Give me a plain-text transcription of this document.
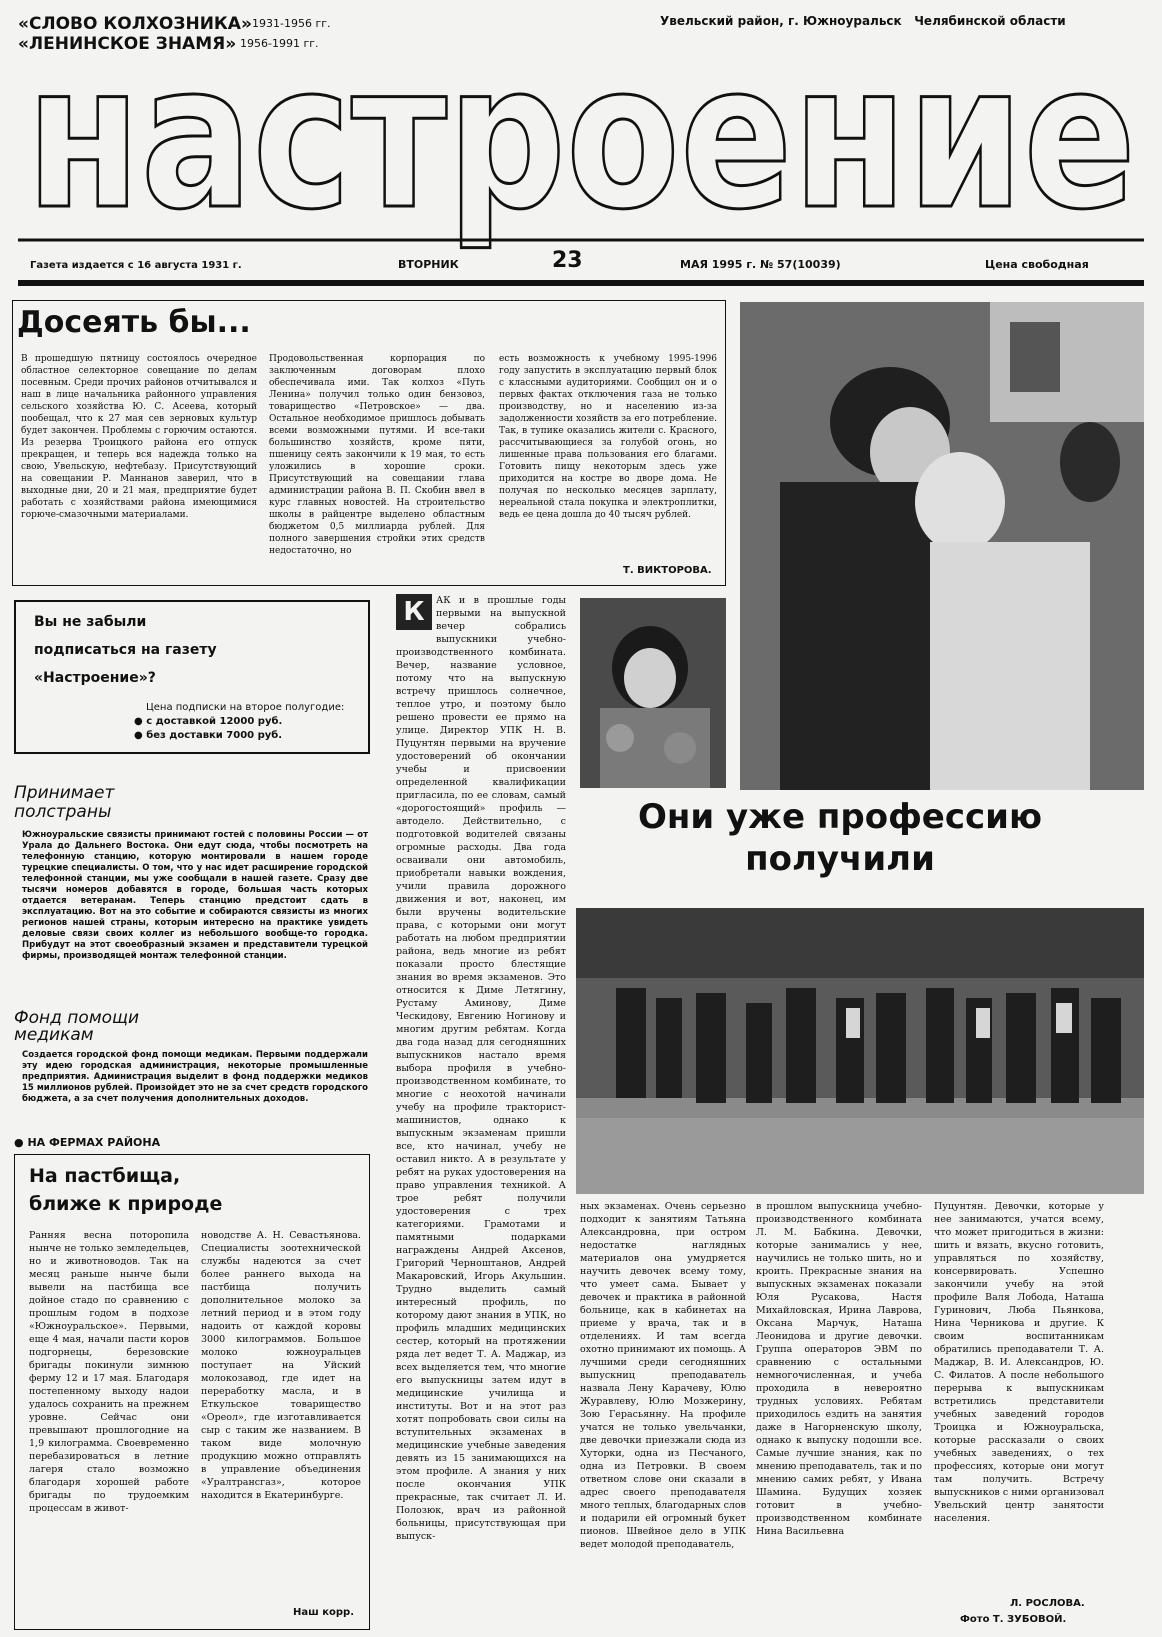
«СЛОВО КОЛХОЗНИКА» 1931-1956 гг.
«ЛЕНИНСКОЕ ЗНАМЯ» 1956-1991 гг.
Увельский район, г. Южноуральск   Челябинской области
настроение
Газета издается с 16 августа 1931 г.	ВТОРНИК	23	МАЯ 1995 г. № 57(10039)	Цена свободная
Досеять бы...
В прошедшую пятницу состоялось очередное областное селекторное совещание по делам посевным. Среди прочих районов отчитывался и наш в лице начальника районного управления сельского хозяйства Ю. С. Асеева, который пообещал, что к 27 мая сев зерновых культур будет закончен. Проблемы с горючим остаются. Из резерва Троицкого района его отпуск прекращен, и теперь вся надежда только на свою, Увельскую, нефтебазу. Присутствующий на совещании Р. Маннанов заверил, что в выходные дни, 20 и 21 мая, предприятие будет работать с хозяйствами района имеющимися горюче-смазочными материалами.
Продовольственная корпорация по заключенным договорам плохо обеспечивала ими. Так колхоз «Путь Ленина» получил только один бензовоз, товарищество «Петровское» — два. Остальное необходимое пришлось добывать всеми возможными путями. И все-таки большинство хозяйств, кроме пяти, пшеницу сеять закончили к 19 мая, то есть уложились в хорошие сроки. Присутствующий на совещании глава администрации района В. П. Скобин ввел в курс главных новостей. На строительство школы в райцентре выделено областным бюджетом 0,5 миллиарда рублей. Для полного завершения стройки этих средств недостаточно, но
есть возможность к учебному 1995-1996 году запустить в эксплуатацию первый блок с классными аудиториями. Сообщил он и о первых фактах отключения газа не только производству, но и населению из-за задолженности хозяйств за его потребление. Так, в тупике оказались жители с. Красного, рассчитывающиеся за голубой огонь, но лишенные права пользования его благами. Готовить пищу некоторым здесь уже приходится на костре во дворе дома. Не получая по несколько месяцев зарплату, нереальной стала покупка и электроплитки, ведь ее цена дошла до 40 тысяч рублей.
Т. ВИКТОРОВА.
Вы не забыли
подписаться на газету
«Настроение»?
Цена подписки на второе полугодие:
● с доставкой 12000 руб.
● без доставки 7000 руб.
Принимает
полстраны
Южноуральские связисты принимают гостей с половины России — от Урала до Дальнего Востока. Они едут сюда, чтобы посмотреть на телефонную станцию, которую монтировали в нашем городе турецкие специалисты. О том, что у нас идет расширение городской телефонной станции, мы уже сообщали в нашей газете. Сразу две тысячи номеров добавятся в городе, большая часть которых отдается ветеранам. Теперь станцию предстоит сдать в эксплуатацию. Вот на это событие и собираются связисты из многих регионов нашей страны, которым интересно на практике увидеть деловые связи своих коллег из небольшого вообще-то городка. Прибудут на этот своеобразный экзамен и представители турецкой фирмы, производящей монтаж телефонной станции.
Фонд помощи
медикам
Создается городской фонд помощи медикам. Первыми поддержали эту идею городская администрация, некоторые промышленные предприятия. Администрация выделит в фонд поддержки медиков 15 миллионов рублей. Произойдет это не за счет средств городского бюджета, а за счет получения дополнительных доходов.
● НА ФЕРМАХ РАЙОНА
На пастбища,
ближе к природе
Ранняя весна поторопила нынче не только земледельцев, но и животноводов. Так на месяц раньше нынче были вывели на пастбища все дойное стадо по сравнению с прошлым годом в подхозе «Южноуральское». Первыми, еще 4 мая, начали пасти коров подгорнецы, березовские бригады покинули зимнюю ферму 12 и 17 мая. Благодаря постепенному выходу надои удалось сохранить на прежнем уровне. Сейчас они превышают прошлогодние на 1,9 килограмма. Своевременно перебазироваться в летние лагеря стало возможно благодаря хорошей работе бригады по трудоемким процессам в живот-
новодстве А. Н. Севастьянова. Специалисты зоотехнической службы надеются за счет более раннего выхода на пастбища получить дополнительное молоко за летний период и в этом году надоить от каждой коровы 3000 килограммов. Большое молоко южноуральцев поступает на Уйский молокозавод, где идет на переработку масла, и в Еткульское товарищество «Ореол», где изготавливается сыр с таким же названием. В таком виде молочную продукцию можно отправлять в управление объединения «Уралтрансгаз», которое находится в Екатеринбурге.
Наш корр.
К	АК и в прошлые годы первыми на выпускной вечер собрались выпускники учебно-производственного комбината. Вечер, название условное, потому что на выпускную встречу пришлось солнечное, теплое утро, и поэтому было решено провести ее прямо на улице. Директор УПК Н. В. Пуцунтян первыми на вручение удостоверений об окончании учебы и присвоении определенной квалификации пригласила, по ее словам, самый «дорогостоящий» профиль — автодело. Действительно, с подготовкой водителей связаны огромные расходы. Два года осваивали они автомобиль, приобретали навыки вождения, учили правила дорожного движения и вот, наконец, им были вручены водительские права, с которыми они могут работать на любом предприятии района, ведь многие из ребят показали просто блестящие знания во время экзаменов. Это относится к Диме Летягину, Рустаму Аминову, Диме Ческидову, Евгению Ногинову и многим другим ребятам. Когда два года назад для сегодняшних выпускников настало время выбора профиля в учебно-производственном комбинате, то многие с неохотой начинали учебу на профиле тракторист-машинистов, однако к выпускным экзаменам пришли все, кто начинал, учебу не оставил никто. А в результате у ребят на руках удостоверения на право управления техникой. А трое ребят получили удостоверения с трех категориями. Грамотами и памятными подарками награждены Андрей Аксенов, Григорий Черноштанов, Андрей Макаровский, Игорь Акульшин. Трудно выделить самый интересный профиль, по которому дают знания в УПК, но профиль младших медицинских сестер, который на протяжении ряда лет ведет Т. А. Маджар, из всех выделяется тем, что многие его выпускницы затем идут в медицинские училища и институты. Вот и на этот раз хотят попробовать свои силы на вступительных экзаменах в медицинские учебные заведения девять из 15 занимающихся на этом профиле. А знания у них после окончания УПК прекрасные, так считает Л. И. Полозюк, врач из районной больницы, присутствующая при выпуск-
Они уже профессию
получили
ных экзаменах. Очень серьезно подходит к занятиям Татьяна Александровна, при остром недостатке наглядных материалов она умудряется научить девочек всему тому, что умеет сама. Бывает у девочек и практика в районной больнице, как в кабинетах на приеме у врача, так и в отделениях. И там всегда охотно принимают их помощь. А лучшими среди сегодняшних выпускниц преподаватель назвала Лену Карачеву, Юлю Журавлеву, Юлю Мозжерину, Зою Герасьянну. На профиле учатся не только увельчанки, две девочки приезжали сюда из Хуторки, одна из Песчаного, одна из Петровки. В своем ответном слове они сказали в адрес своего преподавателя много теплых, благодарных слов и подарили ей огромный букет пионов. Швейное дело в УПК ведет молодой преподаватель,
в прошлом выпускница учебно-производственного комбината Л. М. Бабкина. Девочки, которые занимались у нее, научились не только шить, но и кроить. Прекрасные знания на выпускных экзаменах показали Юля Русакова, Настя Михайловская, Ирина Лаврова, Оксана Марчук, Наташа Леонидова и другие девочки. Группа операторов ЭВМ по сравнению с остальными немногочисленная, и учеба проходила в невероятно трудных условиях. Ребятам приходилось ездить на занятия даже в Нагорненскую школу, однако к выпуску подошли все. Самые лучшие знания, как по мнению преподаватель, так и по мнению самих ребят, у Ивана Шамина. Будущих хозяек готовит в учебно-производственном комбинате Нина Васильевна
Пуцунтян. Девочки, которые у нее занимаются, учатся всему, что может пригодиться в жизни: шить и вязать, вкусно готовить, управляться по хозяйству, консервировать. Успешно закончили учебу на этой профиле Валя Лобода, Наташа Гуринович, Люба Пьянкова, Нина Черникова и другие. К своим воспитанникам обратились преподаватели Т. А. Маджар, В. И. Александров, Ю. С. Филатов. А после небольшого перерыва к выпускникам встретились представители учебных заведений городов Троицка и Южноуральска, которые рассказали о своих учебных заведениях, о тех профессиях, которые они могут там получить. Встречу выпускников с ними организовал Увельский центр занятости населения.
Л. РОСЛОВА.
Фото Т. ЗУБОВОЙ.
